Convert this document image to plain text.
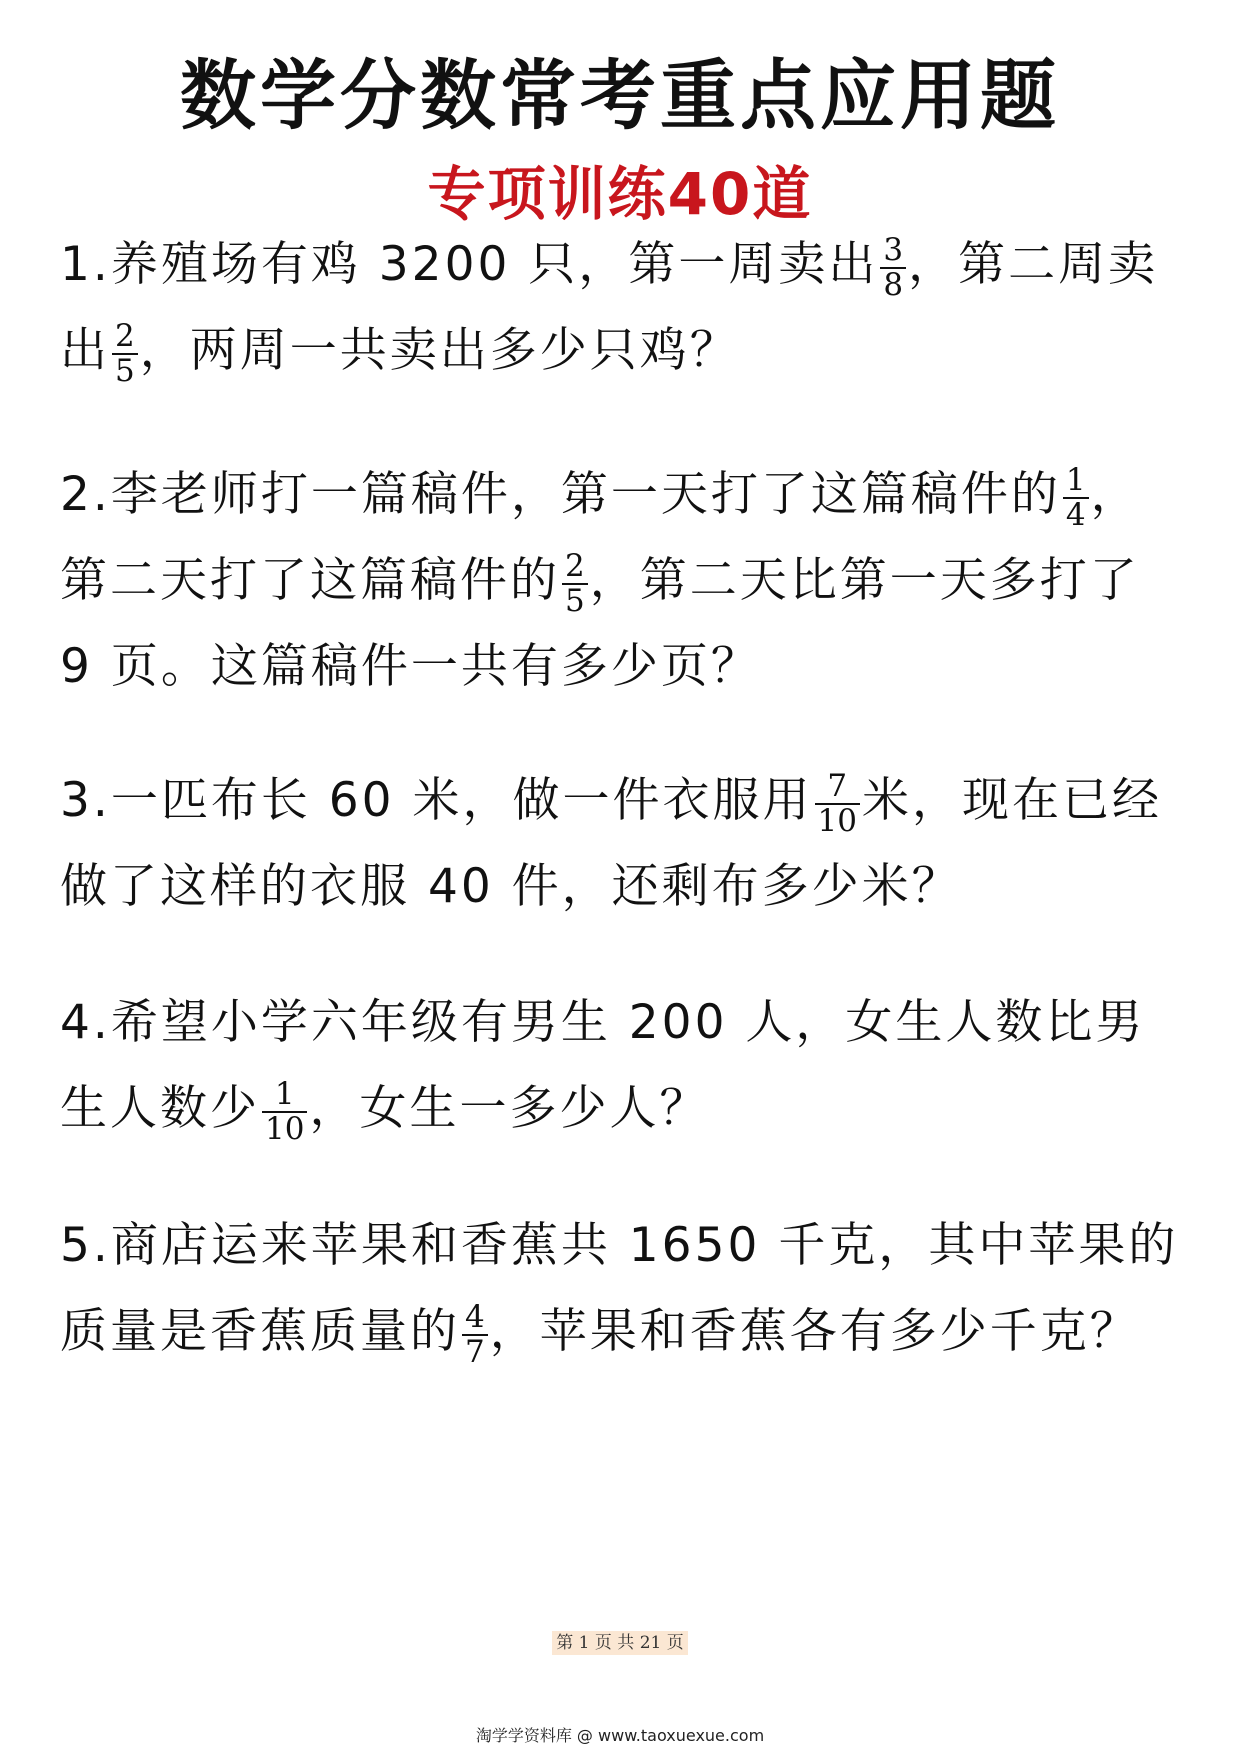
数学分数常考重点应用题
专项训练40道
1.养殖场有鸡 3200 只，第一周卖出 $\frac{3}{8}$ ，第二周卖出 $\frac{2}{5}$ ，两周一共卖出多少只鸡？
2.李老师打一篇稿件，第一天打了这篇稿件的 $\frac{1}{4}$ ，第二天打了这篇稿件的 $\frac{2}{5}$ ，第二天比第一天多打了 9 页。这篇稿件一共有多少页？
3.一匹布长 60 米，做一件衣服用 $\frac{7}{10}$ 米，现在已经做了这样的衣服 40 件，还剩布多少米？
4.希望小学六年级有男生 200 人，女生人数比男生人数少 $\frac{1}{10}$ ，女生一多少人？
5.商店运来苹果和香蕉共 1650 千克，其中苹果的质量是香蕉质量的 $\frac{4}{7}$ ，苹果和香蕉各有多少千克？
第 1 页 共 21 页
淘学学资料库 @ www.taoxuexue.com
